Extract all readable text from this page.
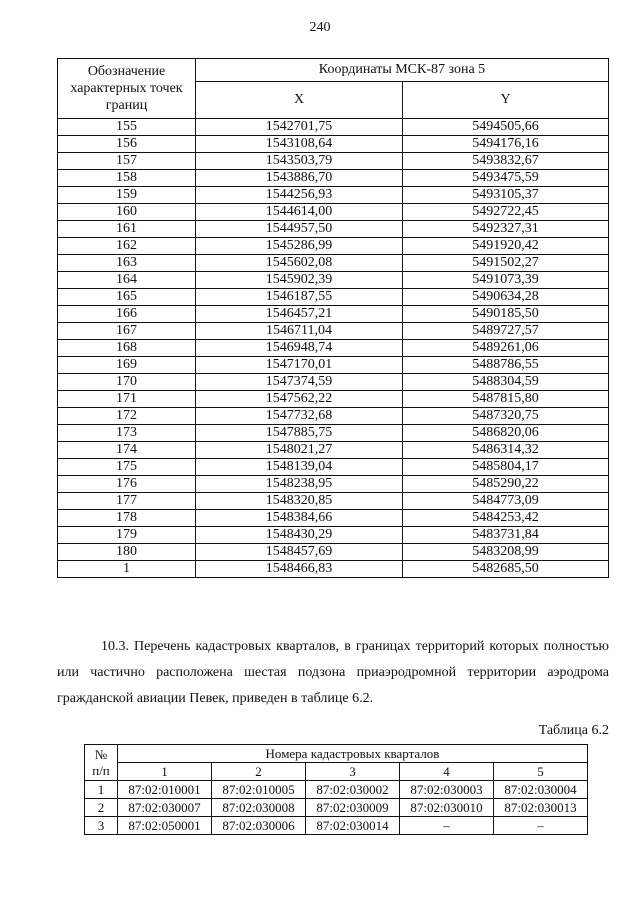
240
Обозначение характерных точек границ	Координаты МСК-87 зона 5	
	X	Y
155	1542701,75	5494505,66
156	1543108,64	5494176,16
157	1543503,79	5493832,67
158	1543886,70	5493475,59
159	1544256,93	5493105,37
160	1544614,00	5492722,45
161	1544957,50	5492327,31
162	1545286,99	5491920,42
163	1545602,08	5491502,27
164	1545902,39	5491073,39
165	1546187,55	5490634,28
166	1546457,21	5490185,50
167	1546711,04	5489727,57
168	1546948,74	5489261,06
169	1547170,01	5488786,55
170	1547374,59	5488304,59
171	1547562,22	5487815,80
172	1547732,68	5487320,75
173	1547885,75	5486820,06
174	1548021,27	5486314,32
175	1548139,04	5485804,17
176	1548238,95	5485290,22
177	1548320,85	5484773,09
178	1548384,66	5484253,42
179	1548430,29	5483731,84
180	1548457,69	5483208,99
1	1548466,83	5482685,50

10.3. Перечень кадастровых кварталов, в границах территорий которых полностью или частично расположена шестая подзона приаэродромной территории аэродрома гражданской авиации Певек, приведен в таблице 6.2.

Таблица 6.2
№
п/п	Номера кадастровых кварталов				
	1	2	3	4	5
1	87:02:010001	87:02:010005	87:02:030002	87:02:030003	87:02:030004
2	87:02:030007	87:02:030008	87:02:030009	87:02:030010	87:02:030013
3	87:02:050001	87:02:030006	87:02:030014	–	–
